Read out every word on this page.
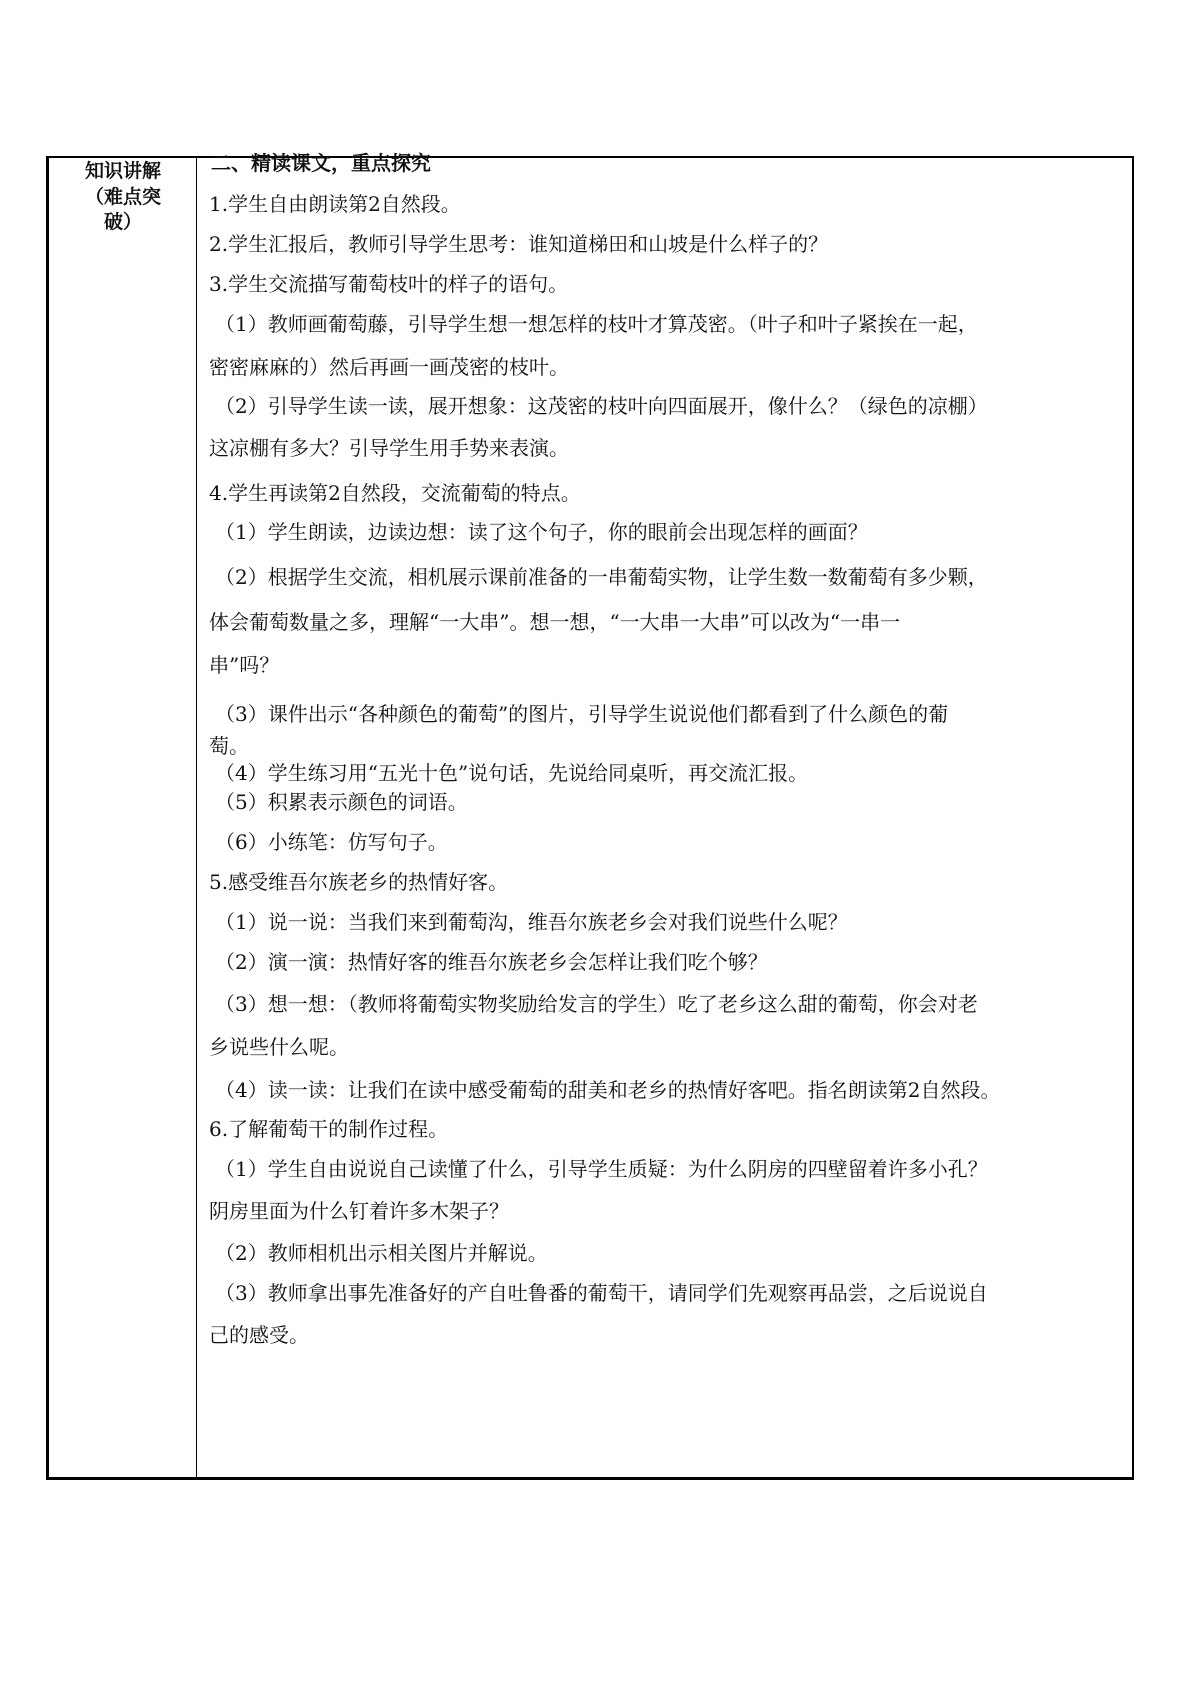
知识讲解
（难点突
破）
二、精读课文，重点探究
1.学生自由朗读第2自然段。
2.学生汇报后，教师引导学生思考：谁知道梯田和山坡是什么样子的？
3.学生交流描写葡萄枝叶的样子的语句。
（1）教师画葡萄藤，引导学生想一想怎样的枝叶才算茂密。（叶子和叶子紧挨在一起，
密密麻麻的）然后再画一画茂密的枝叶。
（2）引导学生读一读，展开想象：这茂密的枝叶向四面展开，像什么？（绿色的凉棚）
这凉棚有多大？引导学生用手势来表演。
4.学生再读第2自然段，交流葡萄的特点。
（1）学生朗读，边读边想：读了这个句子，你的眼前会出现怎样的画面？
（2）根据学生交流，相机展示课前准备的一串葡萄实物，让学生数一数葡萄有多少颗，
体会葡萄数量之多，理解“一大串”。想一想，“一大串一大串”可以改为“一串一
串”吗？
（3）课件出示“各种颜色的葡萄”的图片，引导学生说说他们都看到了什么颜色的葡
萄。
（4）学生练习用“五光十色”说句话，先说给同桌听，再交流汇报。
（5）积累表示颜色的词语。
（6）小练笔：仿写句子。
5.感受维吾尔族老乡的热情好客。
（1）说一说：当我们来到葡萄沟，维吾尔族老乡会对我们说些什么呢？
（2）演一演：热情好客的维吾尔族老乡会怎样让我们吃个够？
（3）想一想：（教师将葡萄实物奖励给发言的学生）吃了老乡这么甜的葡萄，你会对老
乡说些什么呢。
（4）读一读：让我们在读中感受葡萄的甜美和老乡的热情好客吧。指名朗读第2自然段。
6.了解葡萄干的制作过程。
（1）学生自由说说自己读懂了什么，引导学生质疑：为什么阴房的四壁留着许多小孔？
阴房里面为什么钉着许多木架子？
（2）教师相机出示相关图片并解说。
（3）教师拿出事先准备好的产自吐鲁番的葡萄干，请同学们先观察再品尝，之后说说自
己的感受。
